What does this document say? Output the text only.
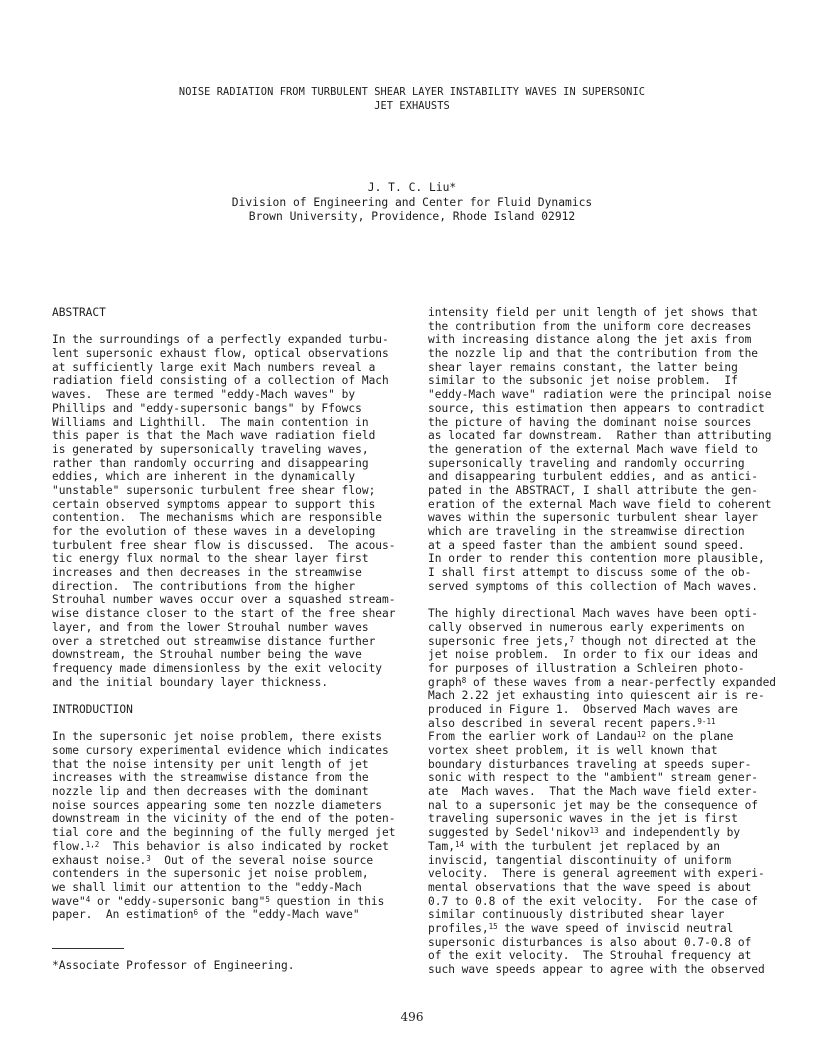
NOISE RADIATION FROM TURBULENT SHEAR LAYER INSTABILITY WAVES IN SUPERSONIC
JET EXHAUSTS
J. T. C. Liu*
Division of Engineering and Center for Fluid Dynamics
Brown University, Providence, Rhode Island 02912
ABSTRACT
In the surroundings of a perfectly expanded turbu-
lent supersonic exhaust flow, optical observations
at sufficiently large exit Mach numbers reveal a
radiation field consisting of a collection of Mach
waves.  These are termed "eddy-Mach waves" by
Phillips and "eddy-supersonic bangs" by Ffowcs
Williams and Lighthill.  The main contention in
this paper is that the Mach wave radiation field
is generated by supersonically traveling waves,
rather than randomly occurring and disappearing
eddies, which are inherent in the dynamically
"unstable" supersonic turbulent free shear flow;
certain observed symptoms appear to support this
contention.  The mechanisms which are responsible
for the evolution of these waves in a developing
turbulent free shear flow is discussed.  The acous-
tic energy flux normal to the shear layer first
increases and then decreases in the streamwise
direction.  The contributions from the higher
Strouhal number waves occur over a squashed stream-
wise distance closer to the start of the free shear
layer, and from the lower Strouhal number waves
over a stretched out streamwise distance further
downstream, the Strouhal number being the wave
frequency made dimensionless by the exit velocity
and the initial boundary layer thickness.
INTRODUCTION
In the supersonic jet noise problem, there exists
some cursory experimental evidence which indicates
that the noise intensity per unit length of jet
increases with the streamwise distance from the
nozzle lip and then decreases with the dominant
noise sources appearing some ten nozzle diameters
downstream in the vicinity of the end of the poten-
tial core and the beginning of the fully merged jet
flow.$^{1,2}$  This behavior is also indicated by rocket
exhaust noise.$^3$  Out of the several noise source
contenders in the supersonic jet noise problem,
we shall limit our attention to the "eddy-Mach
wave"$^4$ or "eddy-supersonic bang"$^5$ question in this
paper.  An estimation$^6$ of the "eddy-Mach wave"
intensity field per unit length of jet shows that
the contribution from the uniform core decreases
with increasing distance along the jet axis from
the nozzle lip and that the contribution from the
shear layer remains constant, the latter being
similar to the subsonic jet noise problem.  If
"eddy-Mach wave" radiation were the principal noise
source, this estimation then appears to contradict
the picture of having the dominant noise sources
as located far downstream.  Rather than attributing
the generation of the external Mach wave field to
supersonically traveling and randomly occurring
and disappearing turbulent eddies, and as antici-
pated in the ABSTRACT, I shall attribute the gen-
eration of the external Mach wave field to coherent
waves within the supersonic turbulent shear layer
which are traveling in the streamwise direction
at a speed faster than the ambient sound speed.
In order to render this contention more plausible,
I shall first attempt to discuss some of the ob-
served symptoms of this collection of Mach waves.
The highly directional Mach waves have been opti-
cally observed in numerous early experiments on
supersonic free jets,$^7$ though not directed at the
jet noise problem.  In order to fix our ideas and
for purposes of illustration a Schleiren photo-
graph$^8$ of these waves from a near-perfectly expanded
Mach 2.22 jet exhausting into quiescent air is re-
produced in Figure 1.  Observed Mach waves are
also described in several recent papers.$^{9-11}$
From the earlier work of Landau$^{12}$ on the plane
vortex sheet problem, it is well known that
boundary disturbances traveling at speeds super-
sonic with respect to the "ambient" stream gener-
ate  Mach waves.  That the Mach wave field exter-
nal to a supersonic jet may be the consequence of
traveling supersonic waves in the jet is first
suggested by Sedel'nikov$^{13}$ and independently by
Tam,$^{14}$ with the turbulent jet replaced by an
inviscid, tangential discontinuity of uniform
velocity.  There is general agreement with experi-
mental observations that the wave speed is about
0.7 to 0.8 of the exit velocity.  For the case of
similar continuously distributed shear layer
profiles,$^{15}$ the wave speed of inviscid neutral
supersonic disturbances is also about 0.7-0.8 of
of the exit velocity.  The Strouhal frequency at
such wave speeds appear to agree with the observed
*Associate Professor of Engineering.
496
